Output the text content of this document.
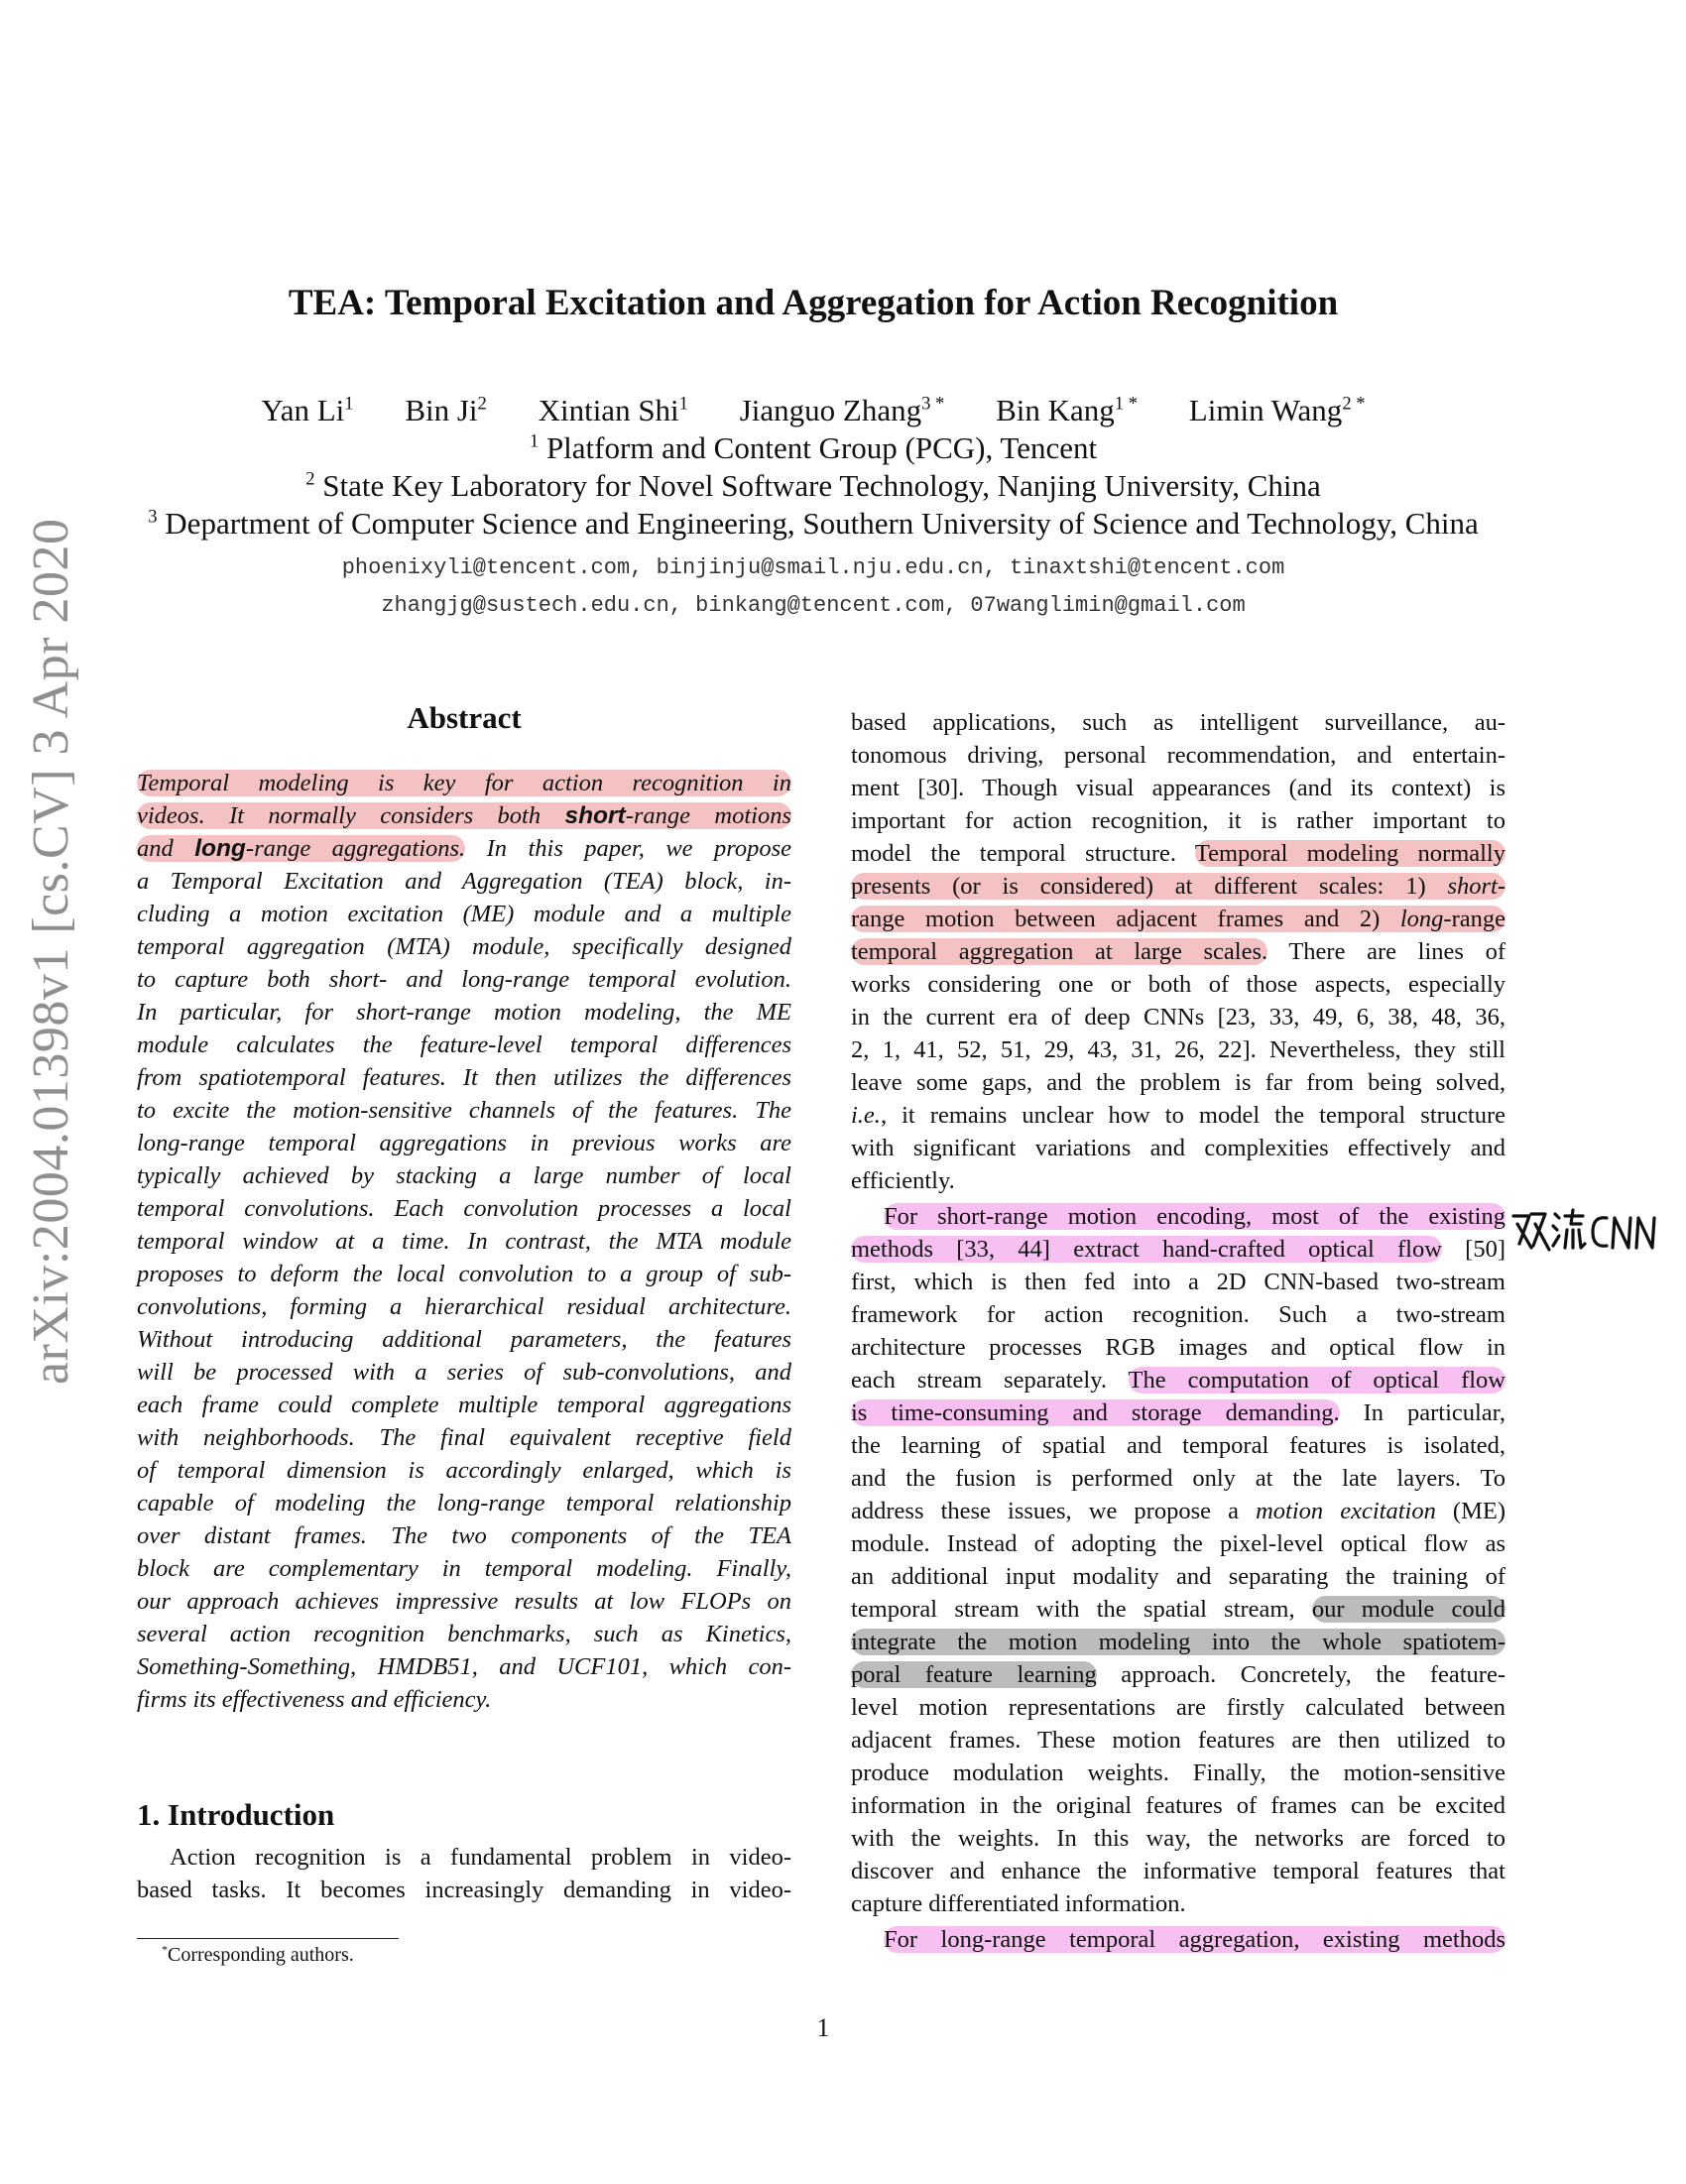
arXiv:2004.01398v1 [cs.CV] 3 Apr 2020
TEA: Temporal Excitation and Aggregation for Action Recognition
Yan Li$^1$ Bin Ji$^2$ Xintian Shi$^1$ Jianguo Zhang$^{3 *}$ Bin Kang$^{1 *}$ Limin Wang$^{2 *}$
$^1$ Platform and Content Group (PCG), Tencent
$^2$ State Key Laboratory for Novel Software Technology, Nanjing University, China
$^3$ Department of Computer Science and Engineering, Southern University of Science and Technology, China
phoenixyli@tencent.com, binjinju@smail.nju.edu.cn, tinaxtshi@tencent.com
zhangjg@sustech.edu.cn, binkang@tencent.com, 07wanglimin@gmail.com
Abstract
Temporal modeling is key for action recognition in
videos. It normally considers both short-range motions
and long-range aggregations. In this paper, we propose
a Temporal Excitation and Aggregation (TEA) block, in-
cluding a motion excitation (ME) module and a multiple
temporal aggregation (MTA) module, specifically designed
to capture both short- and long-range temporal evolution.
In particular, for short-range motion modeling, the ME
module calculates the feature-level temporal differences
from spatiotemporal features. It then utilizes the differences
to excite the motion-sensitive channels of the features. The
long-range temporal aggregations in previous works are
typically achieved by stacking a large number of local
temporal convolutions. Each convolution processes a local
temporal window at a time. In contrast, the MTA module
proposes to deform the local convolution to a group of sub-
convolutions, forming a hierarchical residual architecture.
Without introducing additional parameters, the features
will be processed with a series of sub-convolutions, and
each frame could complete multiple temporal aggregations
with neighborhoods. The final equivalent receptive field
of temporal dimension is accordingly enlarged, which is
capable of modeling the long-range temporal relationship
over distant frames. The two components of the TEA
block are complementary in temporal modeling. Finally,
our approach achieves impressive results at low FLOPs on
several action recognition benchmarks, such as Kinetics,
Something-Something, HMDB51, and UCF101, which con-
firms its effectiveness and efficiency.
1. Introduction
Action recognition is a fundamental problem in video-
based tasks. It becomes increasingly demanding in video-
*Corresponding authors.
based applications, such as intelligent surveillance, au-
tonomous driving, personal recommendation, and entertain-
ment [30]. Though visual appearances (and its context) is
important for action recognition, it is rather important to
model the temporal structure. Temporal modeling normally
presents (or is considered) at different scales: 1) short-
range motion between adjacent frames and 2) long-range
temporal aggregation at large scales. There are lines of
works considering one or both of those aspects, especially
in the current era of deep CNNs [23, 33, 49, 6, 38, 48, 36,
2, 1, 41, 52, 51, 29, 43, 31, 26, 22]. Nevertheless, they still
leave some gaps, and the problem is far from being solved,
i.e., it remains unclear how to model the temporal structure
with significant variations and complexities effectively and
efficiently.
For short-range motion encoding, most of the existing
methods [33, 44] extract hand-crafted optical flow [50]
first, which is then fed into a 2D CNN-based two-stream
framework for action recognition. Such a two-stream
architecture processes RGB images and optical flow in
each stream separately. The computation of optical flow
is time-consuming and storage demanding. In particular,
the learning of spatial and temporal features is isolated,
and the fusion is performed only at the late layers. To
address these issues, we propose a motion excitation (ME)
module. Instead of adopting the pixel-level optical flow as
an additional input modality and separating the training of
temporal stream with the spatial stream, our module could
integrate the motion modeling into the whole spatiotem-
poral feature learning approach. Concretely, the feature-
level motion representations are firstly calculated between
adjacent frames. These motion features are then utilized to
produce modulation weights. Finally, the motion-sensitive
information in the original features of frames can be excited
with the weights. In this way, the networks are forced to
discover and enhance the informative temporal features that
capture differentiated information.
For long-range temporal aggregation, existing methods
1
